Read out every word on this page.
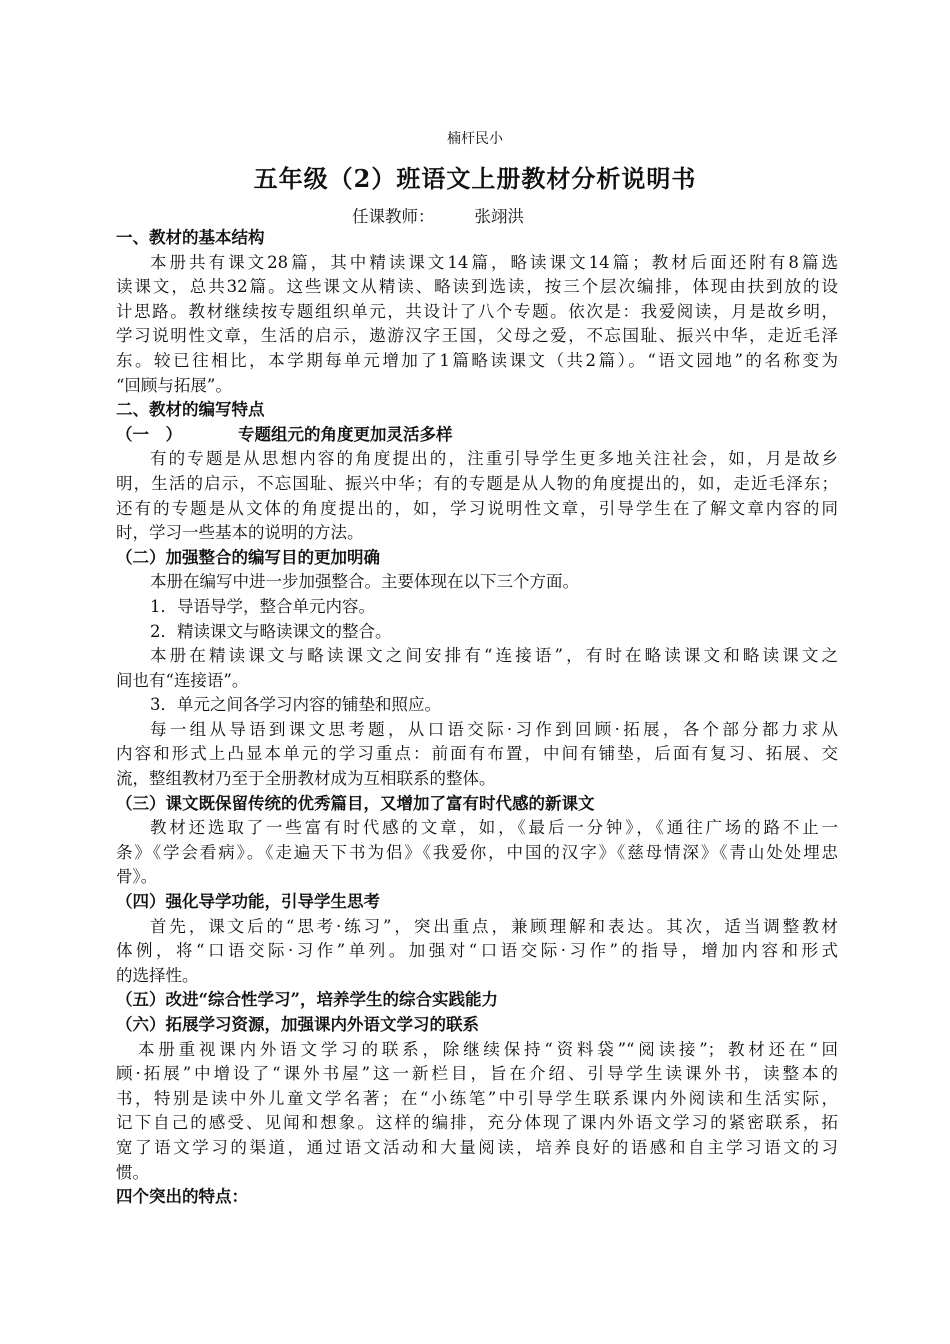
楠杆民小
五年级（2）班语文上册教材分析说明书
任课教师： 张翊洪
一、教材的基本结构
本册共有课文28篇，其中精读课文14篇，略读课文14篇；教材后面还附有8篇选
读课文，总共32篇。这些课文从精读、略读到选读，按三个层次编排，体现由扶到放的设
计思路。教材继续按专题组织单元，共设计了八个专题。依次是：我爱阅读，月是故乡明，
学习说明性文章，生活的启示，遨游汉字王国，父母之爱，不忘国耻、振兴中华，走近毛泽
东。较已往相比，本学期每单元增加了1篇略读课文（共2篇）。“语文园地”的名称变为
“回顾与拓展”。
二、教材的编写特点
（一　）	专题组元的角度更加灵活多样
有的专题是从思想内容的角度提出的，注重引导学生更多地关注社会，如，月是故乡
明，生活的启示，不忘国耻、振兴中华；有的专题是从人物的角度提出的，如，走近毛泽东；
还有的专题是从文体的角度提出的，如，学习说明性文章，引导学生在了解文章内容的同
时，学习一些基本的说明的方法。
（二）加强整合的编写目的更加明确
本册在编写中进一步加强整合。主要体现在以下三个方面。
1．导语导学，整合单元内容。
2．精读课文与略读课文的整合。
本册在精读课文与略读课文之间安排有“连接语”，有时在略读课文和略读课文之
间也有“连接语”。
3．单元之间各学习内容的铺垫和照应。
每一组从导语到课文思考题，从口语交际·习作到回顾·拓展，各个部分都力求从
内容和形式上凸显本单元的学习重点：前面有布置，中间有铺垫，后面有复习、拓展、交
流，整组教材乃至于全册教材成为互相联系的整体。
（三）课文既保留传统的优秀篇目，又增加了富有时代感的新课文
教材还选取了一些富有时代感的文章，如，《最后一分钟》，《通往广场的路不止一
条》《学会看病》。《走遍天下书为侣》《我爱你，中国的汉字》《慈母情深》《青山处处埋忠
骨》。
（四）强化导学功能，引导学生思考
首先，课文后的“思考·练习”，突出重点，兼顾理解和表达。其次，适当调整教材
体例，将“口语交际·习作”单列。加强对“口语交际·习作”的指导，增加内容和形式
的选择性。
（五）改进“综合性学习”，培养学生的综合实践能力
（六）拓展学习资源，加强课内外语文学习的联系
本册重视课内外语文学习的联系，除继续保持“资料袋”“阅读接”；教材还在“回
顾·拓展”中增设了“课外书屋”这一新栏目，旨在介绍、引导学生读课外书，读整本的
书，特别是读中外儿童文学名著；在“小练笔”中引导学生联系课内外阅读和生活实际，
记下自己的感受、见闻和想象。这样的编排，充分体现了课内外语文学习的紧密联系，拓
宽了语文学习的渠道，通过语文活动和大量阅读，培养良好的语感和自主学习语文的习
惯。
四个突出的特点：
